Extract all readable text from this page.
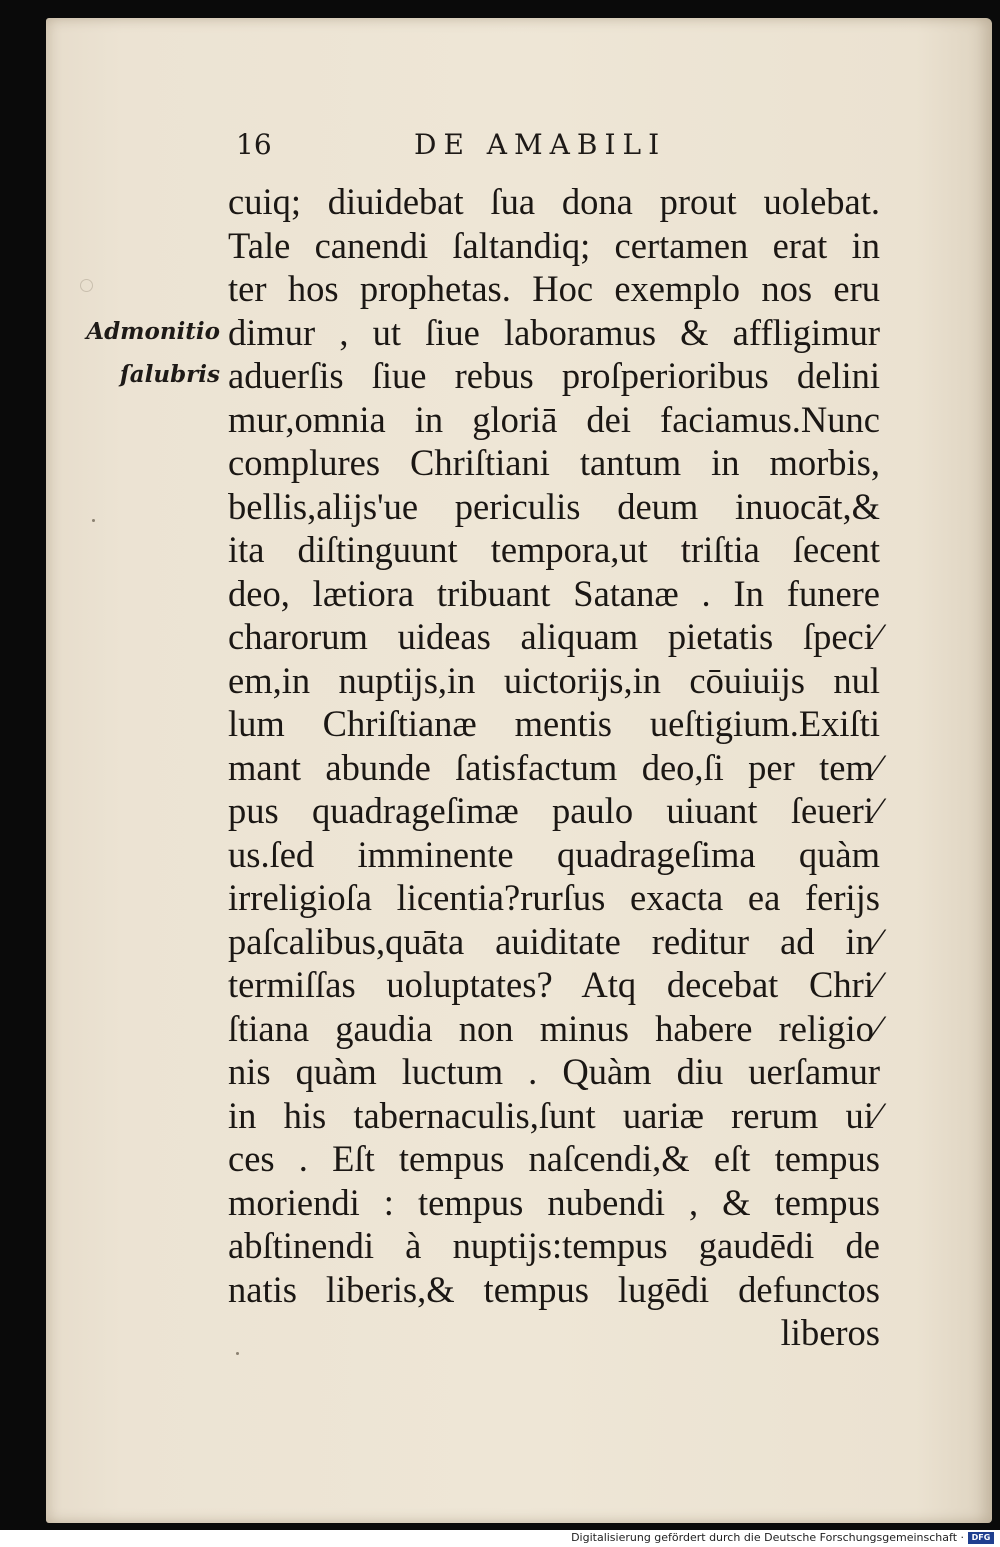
16	DE AMABILI
Admonitio
ſalubris
cuiq; diuidebat ſua dona prout uolebat.
Tale canendi ſaltandiq; certamen erat in
ter hos prophetas. Hoc exemplo nos eru
dimur , ut ſiue laboramus & affligimur
aduerſis ſiue rebus proſperioribus delini
mur,omnia in gloriā dei faciamus.Nunc
complures Chriſtiani tantum in morbis,
bellis,aliјs'ue periculis deum inuocāt,&
ita diſtinguunt tempora,ut triſtia ſecent
deo, lætiora tribuant Satanæ . In funere
charorum uideas aliquam pietatis ſpeci⁄
em,in nuptiјs,in uictoriјs,in cōuiuiјs nul
lum Chriſtianæ mentis ueſtigium.Exiſti
mant abunde ſatisfactum deo,ſi per tem⁄
pus quadrageſimæ paulo uiuant ſeueri⁄
us.ſed imminente quadrageſima quàm
irreligioſa licentia?rurſus exacta ea feriјs
paſcalibus,quāta auiditate reditur ad in⁄
termiſſas uoluptates? Atq decebat Chri⁄
ſtiana gaudia non minus habere religio⁄
nis quàm luctum . Quàm diu uerſamur
in his tabernaculis,ſunt uariæ rerum ui⁄
ces . Eſt tempus naſcendi,& eſt tempus
moriendi : tempus nubendi , & tempus
abſtinendi à nuptiјs:tempus gaudēdi de
natis liberis,& tempus lugēdi defunctos
liberos
Digitalisierung gefördert durch die Deutsche Forschungsgemeinschaft · DFG
